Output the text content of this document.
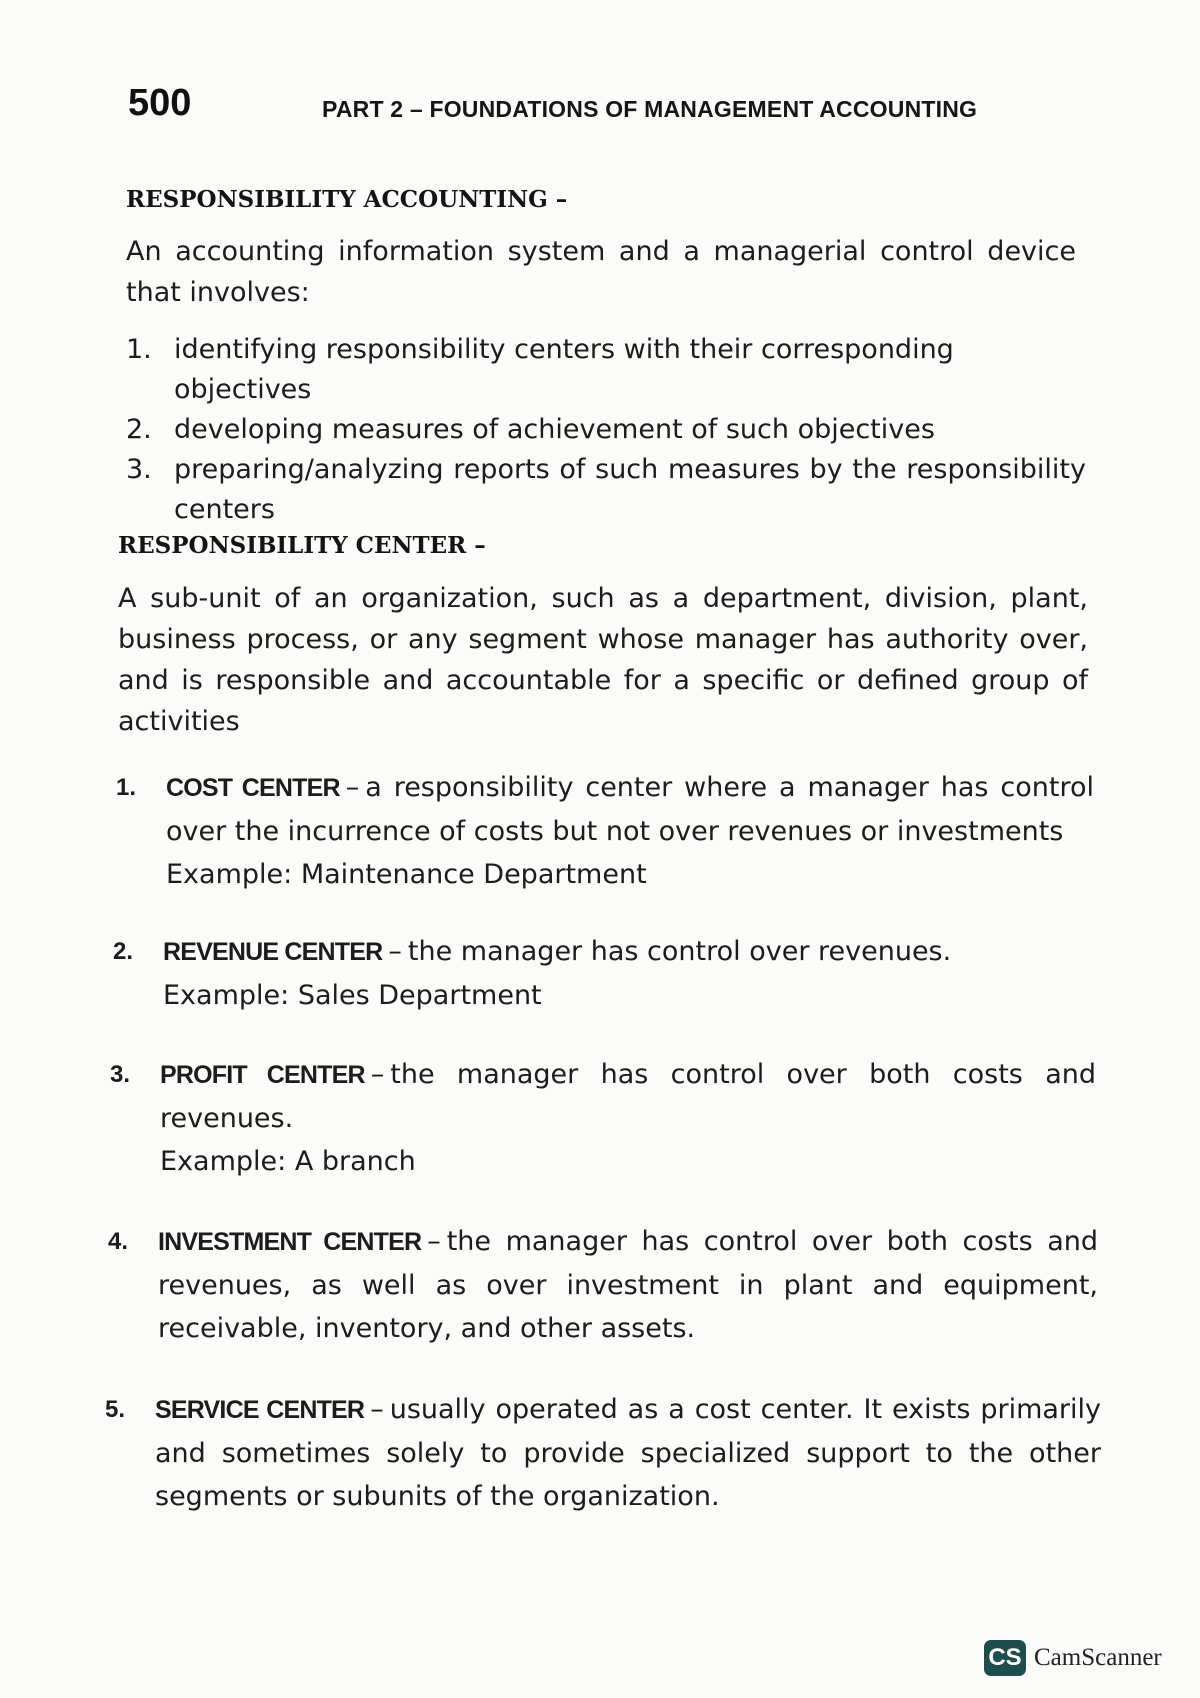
500	PART 2 – FOUNDATIONS OF MANAGEMENT ACCOUNTING
RESPONSIBILITY ACCOUNTING –

An accounting information system and a managerial control device that involves:

1. identifying responsibility centers with their corresponding objectives
2. developing measures of achievement of such objectives
3. preparing/analyzing reports of such measures by the responsibility centers
RESPONSIBILITY CENTER –

A sub-unit of an organization, such as a department, division, plant, business process, or any segment whose manager has authority over, and is responsible and accountable for a specific or defined group of activities

1. COST CENTER – a responsibility center where a manager has control over the incurrence of costs but not over revenues or investments
Example: Maintenance Department
2. REVENUE CENTER – the manager has control over revenues.
Example: Sales Department
3. PROFIT CENTER – the manager has control over both costs and revenues.
Example: A branch
4. INVESTMENT CENTER – the manager has control over both costs and revenues, as well as over investment in plant and equipment, receivable, inventory, and other assets.
5. SERVICE CENTER – usually operated as a cost center. It exists primarily and sometimes solely to provide specialized support to the other segments or subunits of the organization.
CS CamScanner
